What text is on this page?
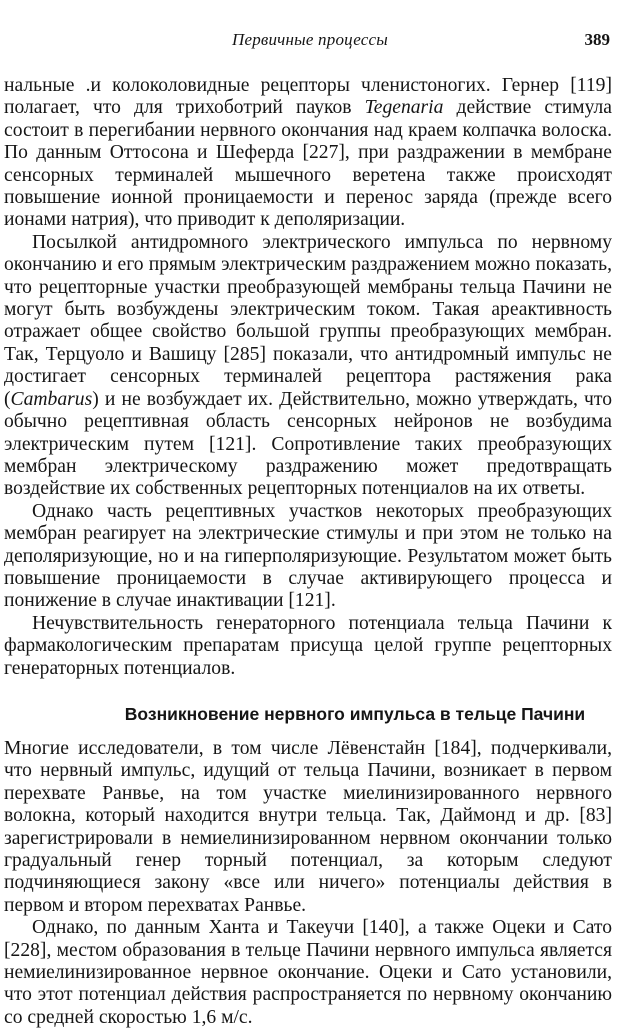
Первичные процессы	389

нальные .и колоколовидные рецепторы членистоногих. Гернер [119] полагает, что для трихоботрий пауков Tegenaria действие стимула состоит в перегибании нервного окончания над краем колпачка волоска. По данным Оттосона и Шеферда [227], при раздражении в мембране сенсорных терминалей мышечного веретена также происходят повышение ионной проницаемости и перенос заряда (прежде всего ионами натрия), что приводит к деполяризации.

Посылкой антидромного электрического импульса по нервному окончанию и его прямым электрическим раздражением можно показать, что рецепторные участки преобразующей мембраны тельца Пачини не могут быть возбуждены электрическим током. Такая ареактивность отражает общее свойство большой группы преобразующих мембран. Так, Терцуоло и Вашицу [285] показали, что антидромный импульс не достигает сенсорных терминалей рецептора растяжения рака (Cambarus) и не возбуждает их. Действительно, можно утверждать, что обычно рецептивная область сенсорных нейронов не возбудима электрическим путем [121]. Сопротивление таких преобразующих мембран электрическому раздражению может предотвращать воздействие их собственных рецепторных потенциалов на их ответы.

Однако часть рецептивных участков некоторых преобразующих мембран реагирует на электрические стимулы и при этом не только на деполяризующие, но и на гиперполяризующие. Результатом может быть повышение проницаемости в случае активирующего процесса и понижение в случае инактивации [121].

Нечувствительность генераторного потенциала тельца Пачини к фармакологическим препаратам присуща целой группе рецепторных генераторных потенциалов.

Возникновение нервного импульса в тельце Пачини

Многие исследователи, в том числе Лёвенстайн [184], подчеркивали, что нервный импульс, идущий от тельца Пачини, возникает в первом перехвате Ранвье, на том участке миелинизированного нервного волокна, который находится внутри тельца. Так, Даймонд и др. [83] зарегистрировали в немиелинизированном нервном окончании только градуальный генер торный потенциал, за которым следуют подчиняющиеся закону «все или ничего» потенциалы действия в первом и втором перехватах Ранвье.

Однако, по данным Ханта и Такеучи [140], а также Оцеки и Сато [228], местом образования в тельце Пачини нервного импульса является немиелинизированное нервное окончание. Оцеки и Сато установили, что этот потенциал действия распространяется по нервному окончанию со средней скоростью 1,6 м/с.
